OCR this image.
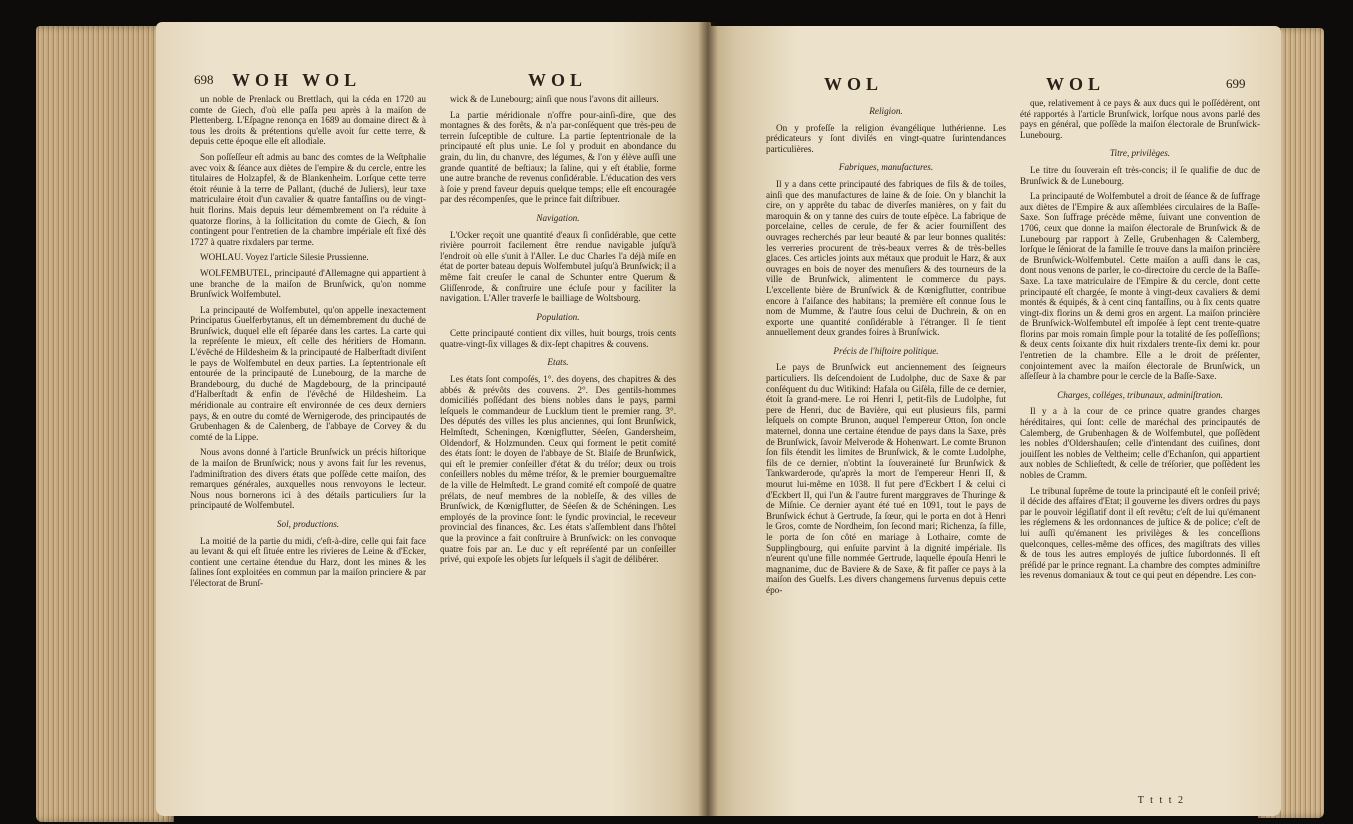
698 WOH WOL	WOL

un noble de Prenlack ou Brettlach, qui la céda en 1720 au comte de Giech, d'où elle paſſa peu après à la maiſon de Plettenberg. L'Eſpagne renonça en 1689 au domaine direct & à tous les droits & prétentions qu'elle avoit ſur cette terre, & depuis cette époque elle eſt allodiale.

Son poſſeſſeur eſt admis au banc des comtes de la Weſtphalie avec voix & ſéance aux diètes de l'empire & du cercle, entre les titulaires de Holzapfel, & de Blankenheim. Lorſque cette terre étoit réunie à la terre de Pallant, (duché de Juliers), leur taxe matriculaire étoit d'un cavalier & quatre fantaſſins ou de vingt-huit florins. Mais depuis leur démembrement on l'a réduite à quatorze florins, à la ſollicitation du comte de Giech, & ſon contingent pour l'entretien de la chambre impériale eſt fixé dès 1727 à quatre rixdalers par terme.

WOHLAU. Voyez l'article Silesie Prussienne.

WOLFEMBUTEL, principauté d'Allemagne qui appartient à une branche de la maiſon de Brunſwick, qu'on nomme Brunſwick Wolfembutel.

La principauté de Wolfembutel, qu'on appelle inexactement Principatus Guelferbytanus, eſt un démembrement du duché de Brunſwick, duquel elle eſt ſéparée dans les cartes. La carte qui la repréſente le mieux, eſt celle des héritiers de Homann. L'évêché de Hildesheim & la principauté de Halberſtadt diviſent le pays de Wolfembutel en deux parties. La ſeptentrionale eſt entourée de la principauté de Lunebourg, de la marche de Brandebourg, du duché de Magdebourg, de la principauté d'Halberſtadt & enfin de l'évêché de Hildesheim. La méridionale au contraire eſt environnée de ces deux derniers pays, & en outre du comté de Wernigerode, des principautés de Grubenhagen & de Calenberg, de l'abbaye de Corvey & du comté de la Lippe.

Nous avons donné à l'article Brunſwick un précis hiſtorique de la maiſon de Brunſwick; nous y avons fait ſur les revenus, l'adminiſtration des divers états que poſſède cette maiſon, des remarques générales, auxquelles nous renvoyons le lecteur. Nous nous bornerons ici à des détails particuliers ſur la principauté de Wolfembutel.

Sol, productions.

La moitié de la partie du midi, c'eſt-à-dire, celle qui fait face au levant & qui eſt ſituée entre les rivieres de Leine & d'Ecker, contient une certaine étendue du Harz, dont les mines & les ſalines ſont exploitées en commun par la maiſon princiere & par l'électorat de Brunſ-

wick & de Lunebourg; ainſi que nous l'avons dit ailleurs.

La partie méridionale n'offre pour-ainſi-dire, que des montagnes & des forêts, & n'a par-conſéquent que très-peu de terrein ſuſceptible de culture. La partie ſeptentrionale de la principauté eſt plus unie. Le ſol y produit en abondance du grain, du lin, du chanvre, des légumes, & l'on y élève auſſi une grande quantité de beſtiaux; la ſaline, qui y eſt établie, forme une autre branche de revenus conſidérable. L'éducation des vers à ſoie y prend faveur depuis quelque temps; elle eſt encouragée par des récompenſes, que le prince fait diſtribuer.

Navigation.

L'Ocker reçoit une quantité d'eaux ſi conſidérable, que cette rivière pourroit facilement être rendue navigable juſqu'à l'endroit où elle s'unit à l'Aller. Le duc Charles l'a déjà miſe en état de porter bateau depuis Wolfembutel juſqu'à Brunſwick; il a même fait creuſer le canal de Schunter entre Querum & Gliſſenrode, & conſtruire une écluſe pour y faciliter la navigation. L'Aller traverſe le bailliage de Woltsbourg.

Population.

Cette principauté contient dix villes, huit bourgs, trois cents quatre-vingt-ſix villages & dix-ſept chapitres & couvens.

Etats.

Les états ſont compoſés, 1°. des doyens, des chapitres & des abbés & prévôts des couvens. 2°. Des gentils-hommes domiciliés poſſédant des biens nobles dans le pays, parmi leſquels le commandeur de Lucklum tient le premier rang. 3°. Des députés des villes les plus anciennes, qui ſont Brunſwick, Helmſtedt, Scheningen, Kœnigflutter, Séeſen, Gandersheim, Oldendorf, & Holzmunden. Ceux qui forment le petit comité des états ſont: le doyen de l'abbaye de St. Blaiſe de Brunſwick, qui eſt le premier conſeiller d'état & du tréſor; deux ou trois conſeillers nobles du même tréſor, & le premier bourguemaître de la ville de Helmſtedt. Le grand comité eſt compoſé de quatre prélats, de neuf membres de la nobleſſe, & des villes de Brunſwick, de Kœnigflutter, de Séeſen & de Schéningen. Les employés de la province ſont: le ſyndic provincial, le receveur provincial des finances, &c. Les états s'aſſemblent dans l'hôtel que la province a fait conſtruire à Brunſwick: on les convoque quatre fois par an. Le duc y eſt repréſenté par un conſeiller privé, qui expoſe les objets ſur leſquels il s'agit de délibérer.

WOL	WOL	699

Religion.

On y profeſſe la religion évangélique luthérienne. Les prédicateurs y ſont diviſés en vingt-quatre ſurintendances particulières.

Fabriques, manufactures.

Il y a dans cette principauté des fabriques de fils & de toiles, ainſi que des manufactures de laine & de ſoie. On y blanchit la cire, on y apprête du tabac de diverſes manières, on y fait du maroquin & on y tanne des cuirs de toute eſpèce. La fabrique de porcelaine, celles de cerule, de fer & acier fourniſſent des ouvrages recherchés par leur beauté & par leur bonnes qualités: les verreries procurent de très-beaux verres & de très-belles glaces. Ces articles joints aux métaux que produit le Harz, & aux ouvrages en bois de noyer des menuſiers & des tourneurs de la ville de Brunſwick, alimentent le commerce du pays. L'excellente bière de Brunſwick & de Kœnigflutter, contribue encore à l'aiſance des habitans; la première eſt connue ſous le nom de Mumme, & l'autre ſous celui de Duchrein, & on en exporte une quantité conſidérable à l'étranger. Il ſe tient annuellement deux grandes foires à Brunſwick.

Précis de l'hiſtoire politique.

Le pays de Brunſwick eut anciennement des ſeigneurs particuliers. Ils deſcendoient de Ludolphe, duc de Saxe & par conſéquent du duc Witikind: Hafala ou Giſèla, fille de ce dernier, étoit ſa grand-mere. Le roi Henri I, petit-fils de Ludolphe, fut pere de Henri, duc de Bavière, qui eut plusieurs fils, parmi leſquels on compte Brunon, auquel l'empereur Otton, ſon oncle maternel, donna une certaine étendue de pays dans la Saxe, près de Brunſwick, ſavoir Melverode & Hohenwart. Le comte Brunon ſon fils étendit les limites de Brunſwick, & le comte Ludolphe, fils de ce dernier, n'obtint la ſouveraineté ſur Brunſwick & Tankwarderode, qu'après la mort de l'empereur Henri II, & mourut lui-même en 1038. Il fut pere d'Eckbert I & celui ci d'Eckbert II, qui l'un & l'autre furent marggraves de Thuringe & de Miſnie. Ce dernier ayant été tué en 1091, tout le pays de Brunſwick échut à Gertrude, ſa ſœur, qui le porta en dot à Henri le Gros, comte de Nordheim, ſon ſecond mari; Richenza, ſa fille, le porta de ſon côté en mariage à Lothaire, comte de Supplingbourg, qui enſuite parvint à la dignité impériale. Ils n'eurent qu'une fille nommée Gertrude, laquelle épouſa Henri le magnanime, duc de Baviere & de Saxe, & fit paſſer ce pays à la maiſon des Guelfs. Les divers changemens ſurvenus depuis cette épo-

que, relativement à ce pays & aux ducs qui le poſſédèrent, ont été rapportés à l'article Brunſwick, lorſque nous avons parlé des pays en général, que poſſède la maiſon électorale de Brunſwick-Lunebourg.

Titre, privilèges.

Le titre du ſouverain eſt très-concis; il ſe qualifie de duc de Brunſwick & de Lunebourg.

La principauté de Wolfembutel a droit de ſéance & de ſuffrage aux diètes de l'Empire & aux aſſemblées circulaires de la Baſſe-Saxe. Son ſuffrage précède même, ſuivant une convention de 1706, ceux que donne la maiſon électorale de Brunſwick & de Lunebourg par rapport à Zelle, Grubenhagen & Calemberg, lorſque le ſéniorat de la famille ſe trouve dans la maiſon princière de Brunſwick-Wolfembutel. Cette maiſon a auſſi dans le cas, dont nous venons de parler, le co-directoire du cercle de la Baſſe-Saxe. La taxe matriculaire de l'Empire & du cercle, dont cette principauté eſt chargée, ſe monte à vingt-deux cavaliers & demi montés & équipés, & à cent cinq fantaſſins, ou à ſix cents quatre vingt-dix florins un & demi gros en argent. La maiſon princière de Brunſwick-Wolfembutel eſt impoſée à ſept cent trente-quatre florins par mois romain ſimple pour la totalité de ſes poſſeſſions; & deux cents ſoixante dix huit rixdalers trente-ſix demi kr. pour l'entretien de la chambre. Elle a le droit de préſenter, conjointement avec la maiſon électorale de Brunſwick, un aſſeſſeur à la chambre pour le cercle de la Baſſe-Saxe.

Charges, colléges, tribunaux, adminiſtration.

Il y a à la cour de ce prince quatre grandes charges héréditaires, qui ſont: celle de maréchal des principautés de Calemberg, de Grubenhagen & de Wolfembutel, que poſſèdent les nobles d'Oldershauſen; celle d'intendant des cuiſines, dont jouiſſent les nobles de Veltheim; celle d'Echanſon, qui appartient aux nobles de Schlieſtedt, & celle de tréſorier, que poſſèdent les nobles de Cramm.

Le tribunal ſuprême de toute la principauté eſt le conſeil privé; il décide des affaires d'Etat; il gouverne les divers ordres du pays par le pouvoir légiſlatif dont il eſt revêtu; c'eſt de lui qu'émanent les réglemens & les ordonnances de juſtice & de police; c'eſt de lui auſſi qu'émanent les privilèges & les conceſſions quelconques, celles-même des offices, des magiſtrats des villes & de tous les autres employés de juſtice ſubordonnés. Il eſt préſidé par le prince regnant. La chambre des comptes adminiſtre les revenus domaniaux & tout ce qui peut en dépendre. Les con-

T t t t 2
